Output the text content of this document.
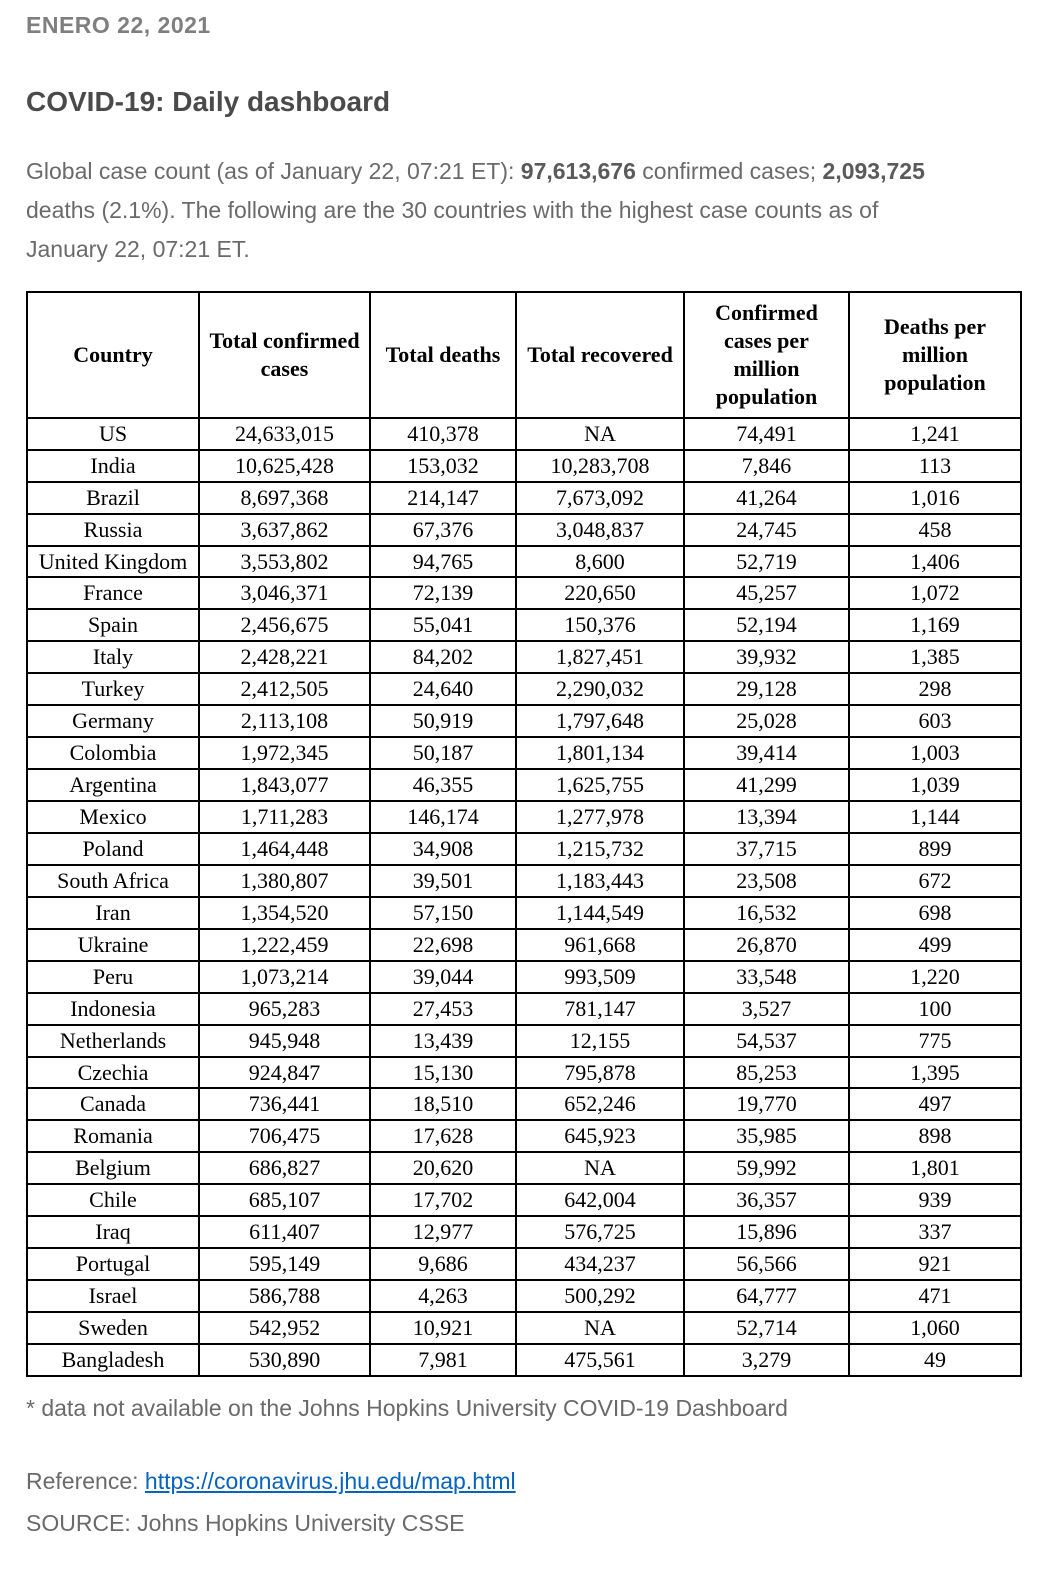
ENERO 22, 2021
COVID-19: Daily dashboard

Global case count (as of January 22, 07:21 ET): 97,613,676 confirmed cases; 2,093,725 deaths (2.1%). The following are the 30 countries with the highest case counts as of January 22, 07:21 ET.

Country	Total confirmed cases	Total deaths	Total recovered	Confirmed cases per million population	Deaths per million population
US	24,633,015	410,378	NA	74,491	1,241
India	10,625,428	153,032	10,283,708	7,846	113
Brazil	8,697,368	214,147	7,673,092	41,264	1,016
Russia	3,637,862	67,376	3,048,837	24,745	458
United Kingdom	3,553,802	94,765	8,600	52,719	1,406
France	3,046,371	72,139	220,650	45,257	1,072
Spain	2,456,675	55,041	150,376	52,194	1,169
Italy	2,428,221	84,202	1,827,451	39,932	1,385
Turkey	2,412,505	24,640	2,290,032	29,128	298
Germany	2,113,108	50,919	1,797,648	25,028	603
Colombia	1,972,345	50,187	1,801,134	39,414	1,003
Argentina	1,843,077	46,355	1,625,755	41,299	1,039
Mexico	1,711,283	146,174	1,277,978	13,394	1,144
Poland	1,464,448	34,908	1,215,732	37,715	899
South Africa	1,380,807	39,501	1,183,443	23,508	672
Iran	1,354,520	57,150	1,144,549	16,532	698
Ukraine	1,222,459	22,698	961,668	26,870	499
Peru	1,073,214	39,044	993,509	33,548	1,220
Indonesia	965,283	27,453	781,147	3,527	100
Netherlands	945,948	13,439	12,155	54,537	775
Czechia	924,847	15,130	795,878	85,253	1,395
Canada	736,441	18,510	652,246	19,770	497
Romania	706,475	17,628	645,923	35,985	898
Belgium	686,827	20,620	NA	59,992	1,801
Chile	685,107	17,702	642,004	36,357	939
Iraq	611,407	12,977	576,725	15,896	337
Portugal	595,149	9,686	434,237	56,566	921
Israel	586,788	4,263	500,292	64,777	471
Sweden	542,952	10,921	NA	52,714	1,060
Bangladesh	530,890	7,981	475,561	3,279	49

* data not available on the Johns Hopkins University COVID-19 Dashboard

Reference: https://coronavirus.jhu.edu/map.html

SOURCE: Johns Hopkins University CSSE
